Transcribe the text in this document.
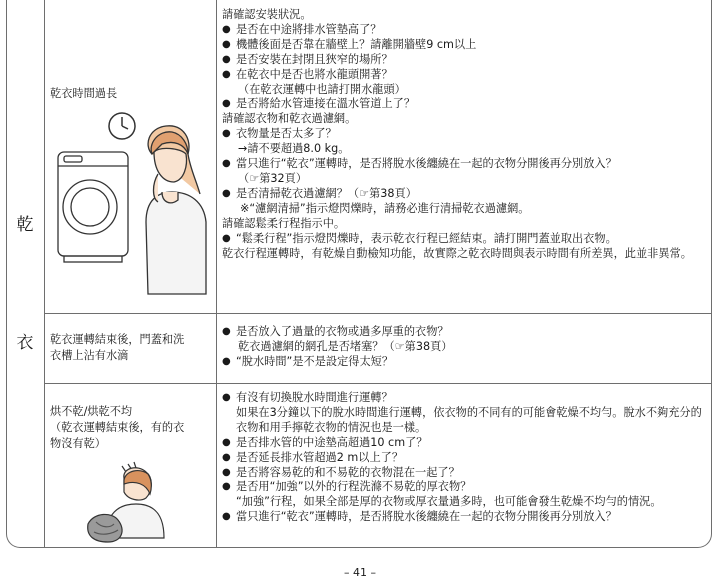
乾
衣
乾衣時間過長
請確認安裝狀況。
● 是否在中途將排水管墊高了？
● 機體後面是否靠在牆壁上？請離開牆壁9 cm以上
● 是否安裝在封閉且狹窄的場所？
● 在乾衣中是否也將水龍頭開著？
（在乾衣運轉中也請打開水龍頭）
● 是否將給水管連接在溫水管道上了？
請確認衣物和乾衣過濾網。
● 衣物量是否太多了？
→請不要超過8.0 kg。
● 當只進行“乾衣”運轉時，是否將脫水後纏繞在一起的衣物分開後再分別放入？
（☞第32頁）
● 是否清掃乾衣過濾網？（☞第38頁）
※“濾網清掃”指示燈閃爍時，請務必進行清掃乾衣過濾網。
請確認鬆柔行程指示中。
● “鬆柔行程”指示燈閃爍時，表示乾衣行程已經結束。請打開門蓋並取出衣物。
乾衣行程運轉時，有乾燥自動檢知功能，故實際之乾衣時間與表示時間有所差異，此並非異常。
乾衣運轉結束後，門蓋和洗
衣槽上沾有水滴
● 是否放入了過量的衣物或過多厚重的衣物？
乾衣過濾網的網孔是否堵塞？（☞第38頁）
● “脫水時間”是不是設定得太短？
烘不乾/烘乾不均
（乾衣運轉結束後，有的衣
物沒有乾）
● 有沒有切換脫水時間進行運轉？
如果在3分鐘以下的脫水時間進行運轉，依衣物的不同有的可能會乾燥不均勻。脫水不夠充分的衣物和用手擰乾衣物的情況也是一樣。
● 是否排水管的中途墊高超過10 cm了？
● 是否延長排水管超過2 m以上了？
● 是否將容易乾的和不易乾的衣物混在一起了？
● 是否用“加強”以外的行程洗滌不易乾的厚衣物？
“加強”行程，如果全部是厚的衣物或厚衣量過多時，也可能會發生乾燥不均勻的情況。
● 當只進行“乾衣”運轉時，是否將脫水後纏繞在一起的衣物分開後再分別放入？
– 41 –
